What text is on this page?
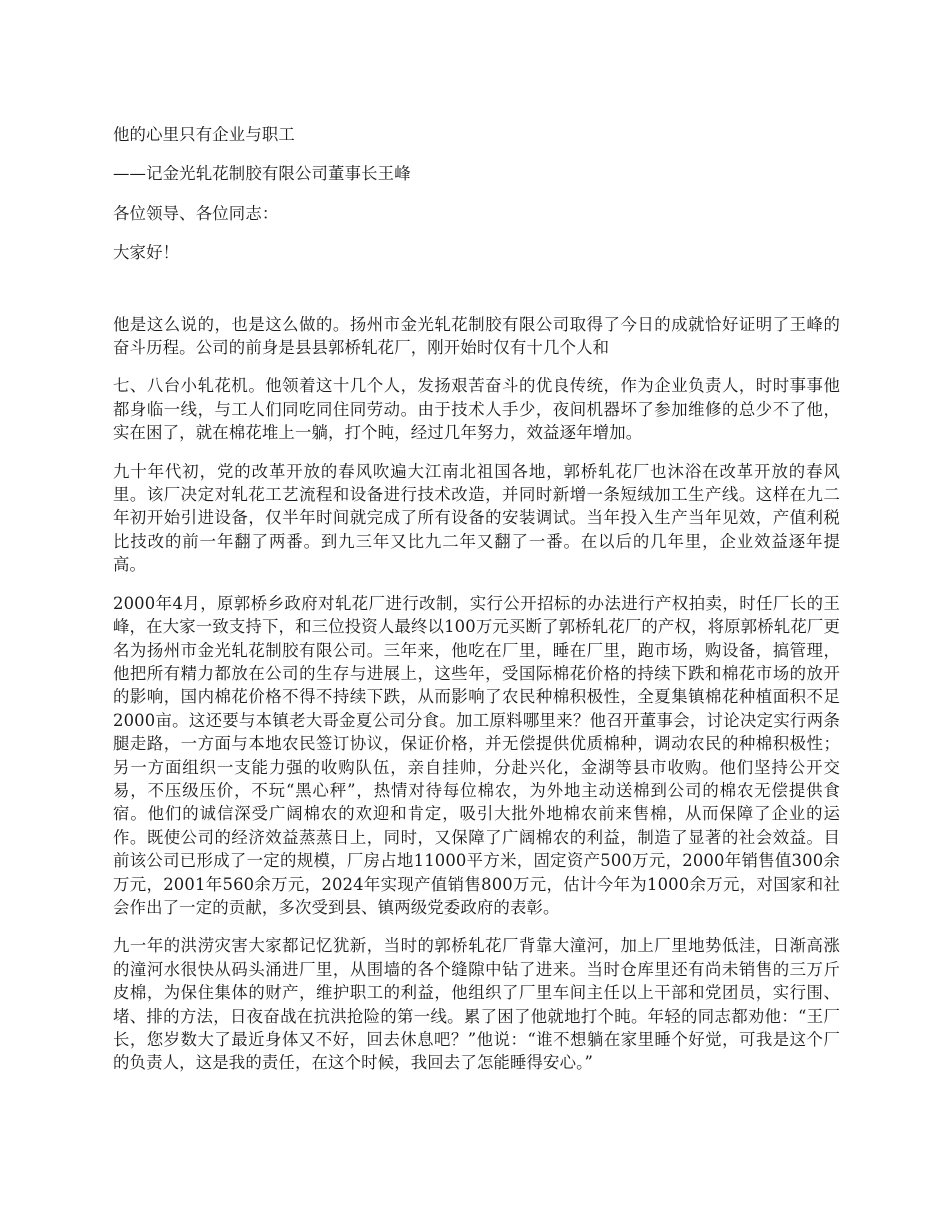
他的心里只有企业与职工

——记金光轧花制胶有限公司董事长王峰

各位领导、各位同志：

大家好！

他是这么说的，也是这么做的。扬州市金光轧花制胶有限公司取得了今日的成就恰好证明了王峰的奋斗历程。公司的前身是县县郭桥轧花厂，刚开始时仅有十几个人和

七、八台小轧花机。他领着这十几个人，发扬艰苦奋斗的优良传统，作为企业负责人，时时事事他都身临一线，与工人们同吃同住同劳动。由于技术人手少，夜间机器坏了参加维修的总少不了他，实在困了，就在棉花堆上一躺，打个盹，经过几年努力，效益逐年增加。

九十年代初，党的改革开放的春风吹遍大江南北祖国各地，郭桥轧花厂也沐浴在改革开放的春风里。该厂决定对轧花工艺流程和设备进行技术改造，并同时新增一条短绒加工生产线。这样在九二年初开始引进设备，仅半年时间就完成了所有设备的安装调试。当年投入生产当年见效，产值利税比技改的前一年翻了两番。到九三年又比九二年又翻了一番。在以后的几年里，企业效益逐年提高。

2000年4月，原郭桥乡政府对轧花厂进行改制，实行公开招标的办法进行产权拍卖，时任厂长的王峰，在大家一致支持下，和三位投资人最终以100万元买断了郭桥轧花厂的产权，将原郭桥轧花厂更名为扬州市金光轧花制胶有限公司。三年来，他吃在厂里，睡在厂里，跑市场，购设备，搞管理，他把所有精力都放在公司的生存与进展上，这些年，受国际棉花价格的持续下跌和棉花市场的放开的影响，国内棉花价格不得不持续下跌，从而影响了农民种棉积极性，全夏集镇棉花种植面积不足2000亩。这还要与本镇老大哥金夏公司分食。加工原料哪里来？他召开董事会，讨论决定实行两条腿走路，一方面与本地农民签订协议，保证价格，并无偿提供优质棉种，调动农民的种棉积极性；另一方面组织一支能力强的收购队伍，亲自挂帅，分赴兴化，金湖等县市收购。他们坚持公开交易，不压级压价，不玩“黑心秤”，热情对待每位棉农，为外地主动送棉到公司的棉农无偿提供食宿。他们的诚信深受广阔棉农的欢迎和肯定，吸引大批外地棉农前来售棉，从而保障了企业的运作。既使公司的经济效益蒸蒸日上，同时，又保障了广阔棉农的利益，制造了显著的社会效益。目前该公司已形成了一定的规模，厂房占地11000平方米，固定资产500万元，2000年销售值300余万元，2001年560余万元，2024年实现产值销售800万元，估计今年为1000余万元，对国家和社会作出了一定的贡献，多次受到县、镇两级党委政府的表彰。

九一年的洪涝灾害大家都记忆犹新，当时的郭桥轧花厂背靠大潼河，加上厂里地势低洼，日渐高涨的潼河水很快从码头涌进厂里，从围墙的各个缝隙中钻了进来。当时仓库里还有尚未销售的三万斤皮棉，为保住集体的财产，维护职工的利益，他组织了厂里车间主任以上干部和党团员，实行围、堵、排的方法，日夜奋战在抗洪抢险的第一线。累了困了他就地打个盹。年轻的同志都劝他：“王厂长，您岁数大了最近身体又不好，回去休息吧？”他说：“谁不想躺在家里睡个好觉，可我是这个厂的负责人，这是我的责任，在这个时候，我回去了怎能睡得安心。”
